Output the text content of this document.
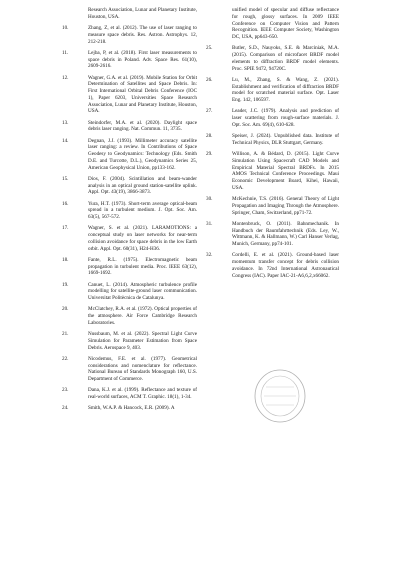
Research Association, Lunar and Planetary Institute, Houston, USA.
10.	Zhang, Z, et al. (2012). The use of laser ranging to measure space debris. Res. Astron. Astrophys. 12, 212-218.
11.	Lejba, P, et al. (2018). First laser measurements to space debris in Poland. Adv. Space Res. 61(10), 2609-2616.
12.	Wagner, G.A. et al. (2019). Mobile Station for Orbit Determination of Satellites and Space Debris. In: First International Orbital Debris Conference (IOC 1), Paper 6203, Universities Space Research Association, Lunar and Planetary Institute, Houston, USA.
13.	Steindorfer, M.A. et al. (2020). Daylight space debris laser ranging. Nat. Commun. 11, 3735.
14.	Degnan, J.J. (1993). Millimeter accuracy satellite laser ranging: a review. In Contributions of Space Geodesy to Geodynamics: Technology (Eds. Smith D.E. and Turcotte, D.L.), Geodynamics Series 25, American Geophysical Union, pp133-162.
15.	Dios, F. (2004). Scintillation and beam-wander analysis in an optical ground station-satellite uplink. Appl. Opt. 43(19), 3866-3873.
16.	Yura, H.T. (1973). Short-term average optical-beam spread in a turbulent medium. J. Opt. Soc. Am. 63(5), 567-572.
17.	Wagner, S. et al. (2021). LARAMOTIONS: a conceptual study on laser networks for near-term collision avoidance for space debris in the low Earth orbit. Appl. Opt. 60(31), H24-H36.
18.	Fante, R.L. (1975). Electromagnetic beam propagation in turbulent media. Proc. IEEE 63(12), 1669-1692.
19.	Canuet, L. (2014). Atmospheric turbulence profile modelling for satellite-ground laser communication. Universitat Politècnica de Catalunya.
20.	McClatchey, R.A. et al. (1972). Optical properties of the atmosphere. Air Force Cambridge Research Laboratories.
21.	Nussbaum, M. et al. (2022). Spectral Light Curve Simulation for Parameter Estimation from Space Debris. Aerospace 9, 403.
22.	Nicodemus, F.E. et al. (1977). Geometrical considerations and nomenclature for reflectance. National Bureau of Standards Monograph 160, U.S. Department of Commerce.
23.	Dana, K.J. et al. (1999). Reflectance and texture of real-world surfaces, ACM T. Graphic. 18(1), 1-34.
24.	Smith, W.A.P. & Hancock, E.R. (2009). A
unified model of specular and diffuse reflectance for rough, glossy surfaces. In 2009 IEEE Conference on Computer Vision and Pattern Recognition. IEEE Computer Society, Washington DC, USA, pp643-650.
25.	Butler, S.D., Nauyoks, S.E. & Marciniak, M.A. (2015). Comparison of microfacet BRDF model elements to diffraction BRDF model elements. Proc. SPIE 9472, 94720C.
26.	Lu, M., Zhang, S. & Wang, Z. (2021). Establishment and verification of diffraction BRDF model for scratched material surface. Opt. Laser Eng. 142, 106597.
27.	Leader, J.C. (1979). Analysis and prediction of laser scattering from rough-surface materials. J. Opt. Soc. Am. 69(4), 610-628.
28.	Speiser, J. (2024). Unpublished data. Institute of Technical Physics, DLR Stuttgart, Germany.
29.	Willison, A. & Bédard, D. (2015). Light Curve Simulation Using Spacecraft CAD Models and Empirical Material Spectral BRDFs. In 2015 AMOS Technical Conference Proceedings. Maui Economic Development Board, Kihei, Hawaii, USA.
30.	McKechnie, T.S. (2016). General Theory of Light Propagation and Imaging Through the Atmosphere. Springer, Cham, Switzerland, pp71-72.
31.	Montenbruck, O. (2011). Bahnmechanik. In Handbuch der Raumfahrttechnik (Eds. Ley, W., Wittmann, K. & Hallmann, W.) Carl Hanser Verlag, Munich, Germany, pp74-101.
32.	Cordelli, E. et al. (2021). Ground-based laser momentum transfer concept for debris collision avoidance. In 72nd International Astronautical Congress (IAC). Paper IAC-21-A6,6,2,x66062.
